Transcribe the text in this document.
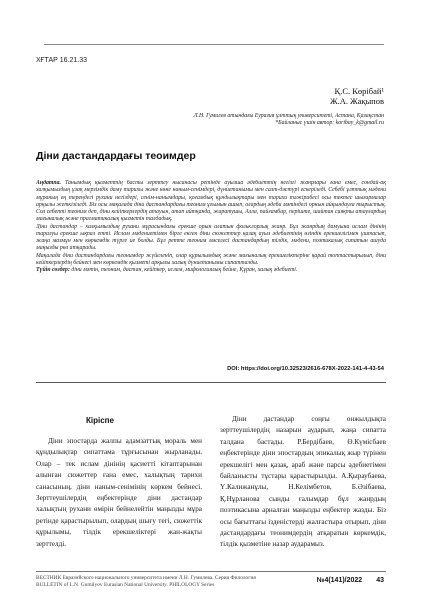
ХҒТАР 16.21.33
Қ.С. Көрібай¹
Ж.А. Жақыпов
Л.Н. Гумилев атындағы Еуразия ұлттық университеті, Астана, Қазақстан
*Байланыс үшін автор: koribay_k@gmail.ru
Діни дастандардағы теоимдер

Аңдатпа. Танымдық қызметтің басты зерттеу нысанасы ретінде ауызша әдебиеттің негізгі жанрлары ғана емес, сондай-ақ халқымыздың ұзақ мерзімдік даму тарихы және көне наным-сенімдері, дүниетанымы мен салт-дәстүрі ескеріледі. Себебі ұлттық мәдени мұраның ең тереңдегі рухани негіздері, сенім-нанымдары, қоғамдық құндылықтары мен тарихи тәжірибесі осы тектес шығармалар арқылы жеткізіледі. Біз осы мақалада діни дастандардағы теоним ұғымын ашып, олардың әдеби мәтіндегі орнын айқындауға тырыстық. Сол себепті теоним деп, діни кейіпкерлердің атауын, атап айтқанда, жаратушы, Алла, пайғамбар, періште, шайтан сияқты атаулардың мағыналық және прагматикалық қызметін талдадық.

Діни дастандар – халқымыздың рухани мұрасындағы ерекше орын алатын фольклорлық жанр. Бұл жанрдың дамуына ислам дінінің таралуы ерекше ықпал етті. Ислам мәдениетімен бірге енген діни сюжеттер қазақ ауыз әдебиетінің өзіндік ерекшелігімен ұштасып, жаңа мазмұн мен көркемдік түрге ие болды. Бұл ретте теоним мәселесі дастандардың тілдік, мәдени, поэтикалық сипатын ашуда маңызды рөл атқарады.

Мақалада діни дастандардағы теонимдер жүйеленіп, олар құрылымдық және мағыналық ерекшеліктеріне қарай топтастырылып, діни кейіпкерлердің бейнесі мен көркемдік қызметі арқылы халық дүниетанымы сипатталды.

Түйін сөздер: діни мәтін, теоним, дастан, кейіпкер, ислам, мифологиялық бейне, Құран, халық әдебиеті.

DOI: https://doi.org/10.32523/2616-678X-2022-141-4-43-54
Кіріспе

Діни эпостарда жалпы адамзаттық мораль мен құндылықтар сипаттама тұрғысынан жырланады. Олар – тек ислам дінінің қасиетті кітаптарынан алынған сюжеттер ғана емес, халықтың тарихи санасының, діни наным-сенімінің көркем бейнесі. Зерттеушілердің еңбектерінде діни дастандар халықтың рухани өмірін бейнелейтін маңызды мұра ретінде қарастырылып, олардың шығу тегі, сюжеттік құрылымы, тілдік ерекшеліктері жан-жақты зерттелді.

Діни дастандар соңғы онжылдықта зерттеушілердің назарын аударып, жаңа сипатта талдана бастады. Р.Бердібаев, Ө.Күмісбаев еңбектерінде діни эпостардың эпикалық жыр түрінен ерекшелігі мен қазақ, араб және парсы әдебиетімен байланысты тұстары қарастырылды. А.Қыраубаева, Ү.Калижанұлы, Н.Келімбетов, Б.Әзібаева, Қ.Нұрланова сынды ғалымдар бұл жанрдың поэтикасына арналған маңызды еңбектер жазды. Біз осы бағыттағы ізденістерді жалғастыра отырып, діни дастандардағы теонимдердің атқаратын көркемдік, тілдік қызметіне назар аударамыз.

ВЕСТНИК Евразийского национального университета имени Л.Н. Гумилева. Серия Филология
BULLETIN of L.N. Gumilyov Eurasian National University. PHILOLOGY Series
№4(141)/2022 43
